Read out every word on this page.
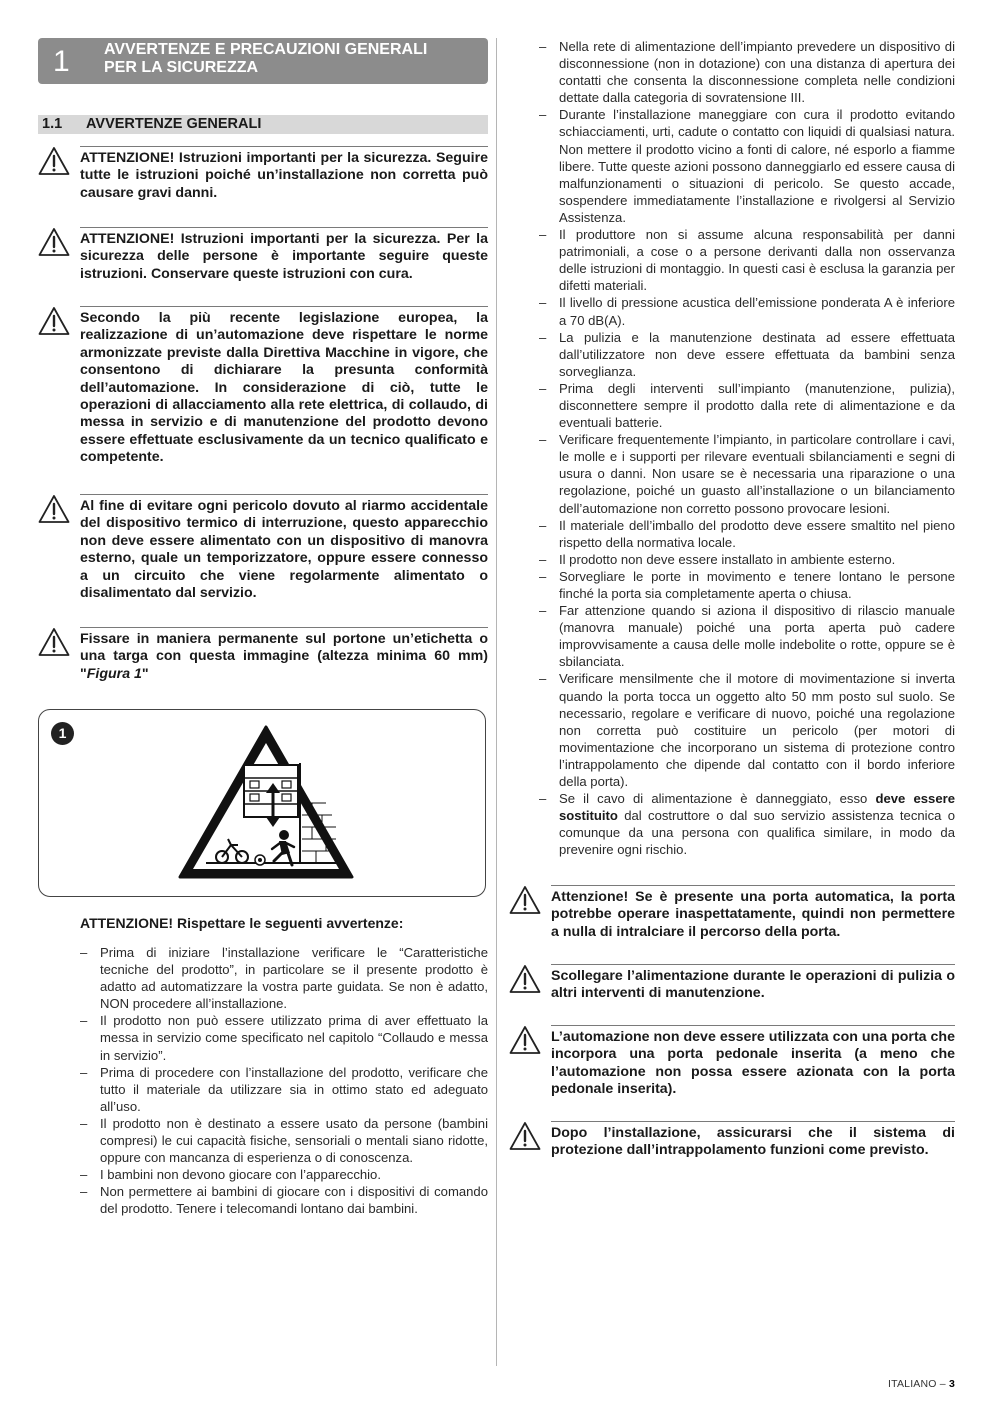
1 AVVERTENZE E PRECAUZIONI GENERALI
PER LA SICUREZZA
1.1 AVVERTENZE GENERALI
ATTENZIONE! Istruzioni importanti per la sicurezza. Seguire tutte le istruzioni poiché un’installazione non corretta può causare gravi danni.
ATTENZIONE! Istruzioni importanti per la sicurezza. Per la sicurezza delle persone è importante seguire queste istruzioni. Conservare queste istruzioni con cura.
Secondo la più recente legislazione europea, la realizzazione di un’automazione deve rispettare le norme armonizzate previste dalla Direttiva Macchine in vigore, che consentono di dichiarare la presunta conformità dell’automazione. In considerazione di ciò, tutte le operazioni di allacciamento alla rete elettrica, di collaudo, di messa in servizio e di manutenzione del prodotto devono essere effettuate esclusivamente da un tecnico qualificato e competente.
Al fine di evitare ogni pericolo dovuto al riarmo accidentale del dispositivo termico di interruzione, questo apparecchio non deve essere alimentato con un dispositivo di manovra esterno, quale un temporizzatore, oppure essere connesso a un circuito che viene regolarmente alimentato o disalimentato dal servizio.
Fissare in maniera permanente sul portone un’etichetta o una targa con questa immagine (altezza minima 60 mm) "Figura 1"
1
ATTENZIONE! Rispettare le seguenti avvertenze:
– Prima di iniziare l’installazione verificare le “Caratteristiche tecniche del prodotto”, in particolare se il presente prodotto è adatto ad automatizzare la vostra parte guidata. Se non è adatto, NON procedere all’installazione.
– Il prodotto non può essere utilizzato prima di aver effettuato la messa in servizio come specificato nel capitolo “Collaudo e messa in servizio”.
– Prima di procedere con l’installazione del prodotto, verificare che tutto il materiale da utilizzare sia in ottimo stato ed adeguato all’uso.
– Il prodotto non è destinato a essere usato da persone (bambini compresi) le cui capacità fisiche, sensoriali o mentali siano ridotte, oppure con mancanza di esperienza o di conoscenza.
– I bambini non devono giocare con l’apparecchio.
– Non permettere ai bambini di giocare con i dispositivi di comando del prodotto. Tenere i telecomandi lontano dai bambini.
– Nella rete di alimentazione dell’impianto prevedere un dispositivo di disconnessione (non in dotazione) con una distanza di apertura dei contatti che consenta la disconnessione completa nelle condizioni dettate dalla categoria di sovratensione III.
– Durante l’installazione maneggiare con cura il prodotto evitando schiacciamenti, urti, cadute o contatto con liquidi di qualsiasi natura. Non mettere il prodotto vicino a fonti di calore, né esporlo a fiamme libere. Tutte queste azioni possono danneggiarlo ed essere causa di malfunzionamenti o situazioni di pericolo. Se questo accade, sospendere immediatamente l’installazione e rivolgersi al Servizio Assistenza.
– Il produttore non si assume alcuna responsabilità per danni patrimoniali, a cose o a persone derivanti dalla non osservanza delle istruzioni di montaggio. In questi casi è esclusa la garanzia per difetti materiali.
– Il livello di pressione acustica dell’emissione ponderata A è inferiore a 70 dB(A).
– La pulizia e la manutenzione destinata ad essere effettuata dall’utilizzatore non deve essere effettuata da bambini senza sorveglianza.
– Prima degli interventi sull’impianto (manutenzione, pulizia), disconnettere sempre il prodotto dalla rete di alimentazione e da eventuali batterie.
– Verificare frequentemente l’impianto, in particolare controllare i cavi, le molle e i supporti per rilevare eventuali sbilanciamenti e segni di usura o danni. Non usare se è necessaria una riparazione o una regolazione, poiché un guasto all’installazione o un bilanciamento dell’automazione non corretto possono provocare lesioni.
– Il materiale dell’imballo del prodotto deve essere smaltito nel pieno rispetto della normativa locale.
– Il prodotto non deve essere installato in ambiente esterno.
– Sorvegliare le porte in movimento e tenere lontano le persone finché la porta sia completamente aperta o chiusa.
– Far attenzione quando si aziona il dispositivo di rilascio manuale (manovra manuale) poiché una porta aperta può cadere improvvisamente a causa delle molle indebolite o rotte, oppure se è sbilanciata.
– Verificare mensilmente che il motore di movimentazione si inverta quando la porta tocca un oggetto alto 50 mm posto sul suolo. Se necessario, regolare e verificare di nuovo, poiché una regolazione non corretta può costituire un pericolo (per motori di movimentazione che incorporano un sistema di protezione contro l’intrappolamento che dipende dal contatto con il bordo inferiore della porta).
– Se il cavo di alimentazione è danneggiato, esso deve essere sostituito dal costruttore o dal suo servizio assistenza tecnica o comunque da una persona con qualifica similare, in modo da prevenire ogni rischio.
Attenzione! Se è presente una porta automatica, la porta potrebbe operare inaspettatamente, quindi non permettere a nulla di intralciare il percorso della porta.
Scollegare l’alimentazione durante le operazioni di pulizia o altri interventi di manutenzione.
L’automazione non deve essere utilizzata con una porta che incorpora una porta pedonale inserita (a meno che l’automazione non possa essere azionata con la porta pedonale inserita).
Dopo l’installazione, assicurarsi che il sistema di protezione dall’intrappolamento funzioni come previsto.
ITALIANO – 3
